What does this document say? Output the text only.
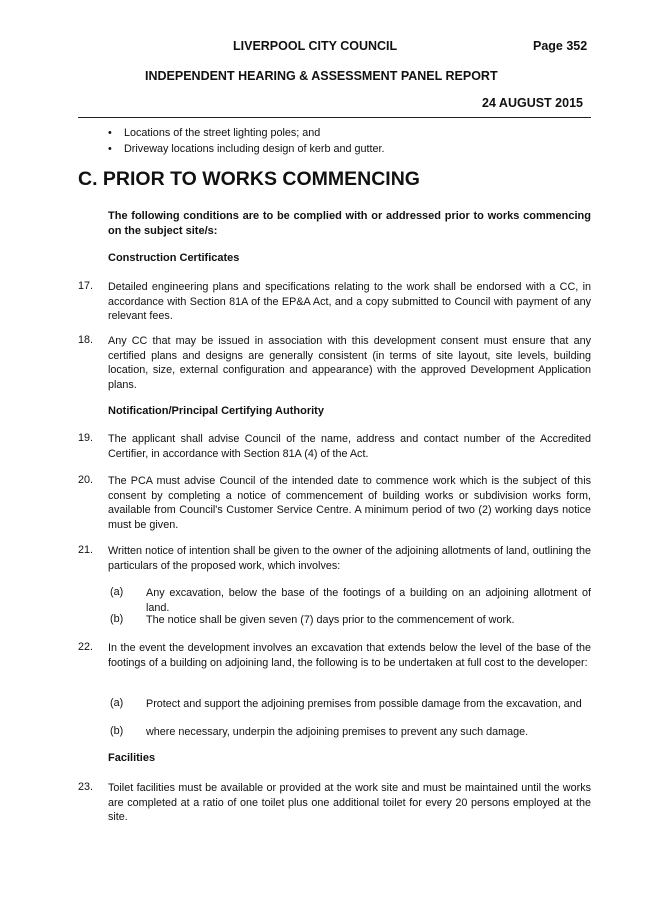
LIVERPOOL CITY COUNCIL	Page 352
INDEPENDENT HEARING & ASSESSMENT PANEL REPORT
24 AUGUST 2015
• Locations of the street lighting poles; and
• Driveway locations including design of kerb and gutter.
C. PRIOR TO WORKS COMMENCING
The following conditions are to be complied with or addressed prior to works commencing on the subject site/s:
Construction Certificates
17. Detailed engineering plans and specifications relating to the work shall be endorsed with a CC, in accordance with Section 81A of the EP&A Act, and a copy submitted to Council with payment of any relevant fees.
18. Any CC that may be issued in association with this development consent must ensure that any certified plans and designs are generally consistent (in terms of site layout, site levels, building location, size, external configuration and appearance) with the approved Development Application plans.
Notification/Principal Certifying Authority
19. The applicant shall advise Council of the name, address and contact number of the Accredited Certifier, in accordance with Section 81A (4) of the Act.
20. The PCA must advise Council of the intended date to commence work which is the subject of this consent by completing a notice of commencement of building works or subdivision works form, available from Council's Customer Service Centre. A minimum period of two (2) working days notice must be given.
21. Written notice of intention shall be given to the owner of the adjoining allotments of land, outlining the particulars of the proposed work, which involves:
(a) Any excavation, below the base of the footings of a building on an adjoining allotment of land.
(b) The notice shall be given seven (7) days prior to the commencement of work.
22. In the event the development involves an excavation that extends below the level of the base of the footings of a building on adjoining land, the following is to be undertaken at full cost to the developer:
(a) Protect and support the adjoining premises from possible damage from the excavation, and
(b) where necessary, underpin the adjoining premises to prevent any such damage.
Facilities
23. Toilet facilities must be available or provided at the work site and must be maintained until the works are completed at a ratio of one toilet plus one additional toilet for every 20 persons employed at the site.
